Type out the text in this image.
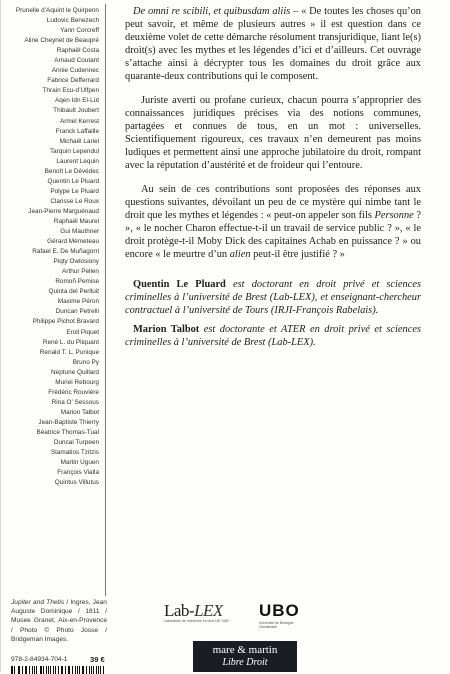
Prunelle d’Aquint le Quirpenn
Ludovic Benezech
Yann Corcreff
Aline Cheynet de Beaupré
Raphaël Costa
Arnaud Coutant
Annie Cudennec
Fabrice Defferrard
Thrain Ecu-d’Ulfpen
Aqen Idn El-Lüt
Thibault Joubert
Armel Kerrest
Franck Laffaille
Michaël Lariel
Tarquin Lependul
Laurent Lequin
Benoît Le Dévédec
Quentin Le Pluard
Polype Le Pluard
Clarisse Le Roux
Jean-Pierre Marguénaud
Raphaël Maurel
Gui Mauthner
Gérard Mémeteau
Rafael E. De Muñagorri
Piqty Owlosiony
Arthur Pellen
Romoñ Pemise
Quinta del Perlluit
Maxime Péron
Duncan Petrelli
Philippe Pichot Bravard
Eroll Piquet
René L. du Pliquant
Renald T. L. Punique
Bruno Py
Neptune Quillard
Muriel Rebourg
Frédéric Rouvière
Rina O’ Sessous
Marion Talbot
Jean-Baptiste Thierry
Béatrice Thomas-Tual
Duncal Turpeen
Stamatios Tzitzis
Martin Uguen
François Viallа
Quintus Villutus

De omni re scibili, et quibusdam aliis – « De toutes les choses qu’on peut savoir, et même de plusieurs autres » il est question dans ce deuxième volet de cette démarche résolument transjuridique, liant le(s) droit(s) avec les mythes et les légendes d’ici et d’ailleurs. Cet ouvrage s’attache ainsi à décrypter tous les domaines du droit grâce aux quarante-deux contributions qui le composent.

Juriste averti ou profane curieux, chacun pourra s’approprier des connaissances juridiques précises via des notions communes, partagées et connues de tous, en un mot : universelles. Scientifiquement rigoureux, ces travaux n’en demeurent pas moins ludiques et permettent ainsi une approche jubilatoire du droit, rompant avec la réputation d’austérité et de froideur qui l’entoure.

Au sein de ces contributions sont proposées des réponses aux questions suivantes, dévoilant un peu de ce mystère qui nimbe tant le droit que les mythes et légendes : « peut-on appeler son fils Personne ? », « le nocher Charon effectue-t-il un travail de service public ? », « le droit protège-t-il Moby Dick des capitaines Achab en puissance ? » ou encore « le meurtre d’un alien peut-il être justifié ? »

Quentin Le Pluard est doctorant en droit privé et sciences criminelles à l’université de Brest (Lab-LEX), et enseignant-chercheur contractuel à l’université de Tours (IRJI-François Rabelais).

Marion Talbot est doctorante et ATER en droit privé et sciences criminelles à l’université de Brest (Lab-LEX).

Jupiter and Thetis / Ingres, Jean Auguste Dominique / 1811 / Musee Granet, Aix-en-Provence / Photo © Photo Josse / Bridgeman Images.
978-2-84934-704-1	39 €
Lab-LEX
Laboratoire de recherche en droit UR 7480
UBO
Université de Bretagne Occidentale
mare & martin
Libre Droit
